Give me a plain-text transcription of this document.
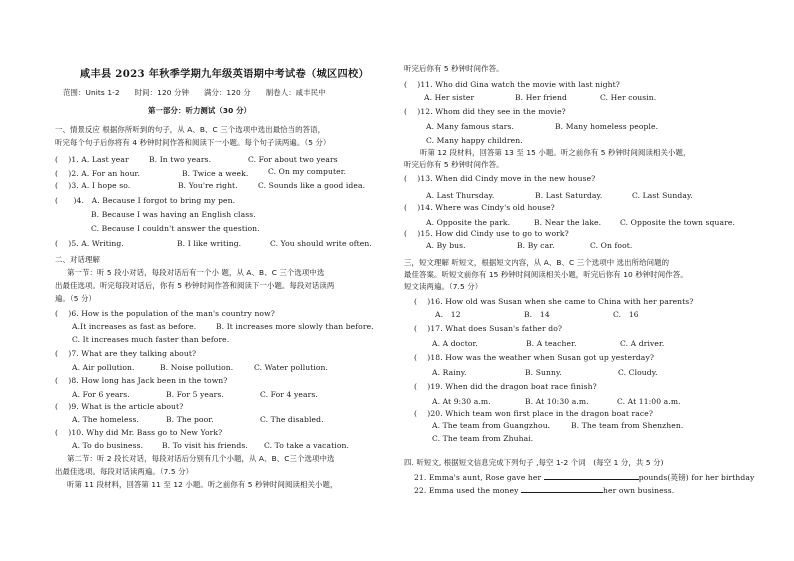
咸丰县 2023 年秋季学期九年级英语期中考试卷（城区四校）
范围：Units 1-2　　时间：120 分钟　　满分：120 分　　制卷人：咸丰民中
第一部分：听力测试（30 分）
一、情景反应 根据你所听到的句子，从 A、B、C 三个选项中选出最恰当的答语，
听完每个句子后你将有 4 秒钟时间作答和阅读下一小题。每个句子读两遍。（5 分）
(　 )1. A. Last year	B. In two years.	C. For about two years
(　 )2. A. For an hour.	B. Twice a week.	C. On my computer.
(　 )3. A. I hope so.	B. You're right.	C. Sounds like a good idea.
(　　)4.　A. Because I forgot to bring my pen.
B. Because I was having an English class.
C. Because I couldn't answer the question.
(　 )5. A. Writing.	B. I like writing.	C. You should write often.
二、对话理解
第一节：听 5 段小对话，每段对话后有一个小 题，从 A、B、C 三个选项中选
出最佳选项。听完每段对话后，你有 5 秒钟时间作答和阅读下一小题。每段对话读两
遍。（5 分）
(　 )6. How is the population of the man's country now?
A.It increases as fast as before.	B. It increases more slowly than before.
C. It increases much faster than before.
(　 )7. What are they talking about?
A. Air pollution.	B. Noise pollution.	C. Water pollution.
(　 )8. How long has Jack been in the town?
A. For 6 years.	B. For 5 years.	C. For 4 years.
(　 )9. What is the article about?
A. The homeless.	B. The poor.	C. The disabled.
(　 )10. Why did Mr. Bass go to New York?
A. To do business. B. To visit his friends. C. To take a vacation.
第二节：听 2 段长对话，每段对话后分别有几个小题，从 A、B、C三个选项中选
出最佳选项。每段对话读两遍。（7.5 分）
听第 11 段材料，回答第 11 至 12 小题。听之前你有 5 秒钟时间阅读相关小题，
听完后你有 5 秒钟时间作答。
(　 )11. Who did Gina watch the movie with last night?
A. Her sister	B. Her friend	C. Her cousin.
(　 )12. Whom did they see in the movie?
A. Many famous stars.	B. Many homeless people.
C. Many happy children.
听第 12 段材料，回答第 13 至 15 小题。听之前你有 5 秒钟时间阅读相关小题，
听完后你有 5 秒钟时间作答。
(　 )13. When did Cindy move in the new house?
A. Last Thursday.	B. Last Saturday.	C. Last Sunday.
(　 )14. Where was Cindy's old house?
A. Opposite the park.	B. Near the lake. C. Opposite the town square.
(　 )15. How did Cindy use to go to work?
A. By bus.	B. By car.	C. On foot.
三，短文理解 听短文，根据短文内容，从 A、B、C 三个选项中 选出所给问题的
最佳答案。听短文前你有 15 秒钟时间阅读相关小题，听完后你有 10 秒钟时间作答。
短文读两遍。（7.5 分）
(　 )16. How old was Susan when she came to China with her parents?
A.　12	B.　14	C.　16
(　 )17. What does Susan's father do?
A. A doctor.	B. A teacher.	C. A driver.
(　 )18. How was the weather when Susan got up yesterday?
A. Rainy.	B. Sunny.	C. Cloudy.
(　 )19. When did the dragon boat race finish?
A. At 9:30 a.m.	B. At 10:30 a.m.	C. At 11:00 a.m.
(　 )20. Which team won first place in the dragon boat race?
A. The team from Guangzhou.	B. The team from Shenzhen.
C. The team from Zhuhai.
四. 听短文, 根据短文信息完成下列句子 ,每空 1-2 个词　(每空 1 分，共 5 分)
21. Emma's aunt, Rose gave her	pounds(英镑) for her birthday
22. Emma used the money	her own business.
